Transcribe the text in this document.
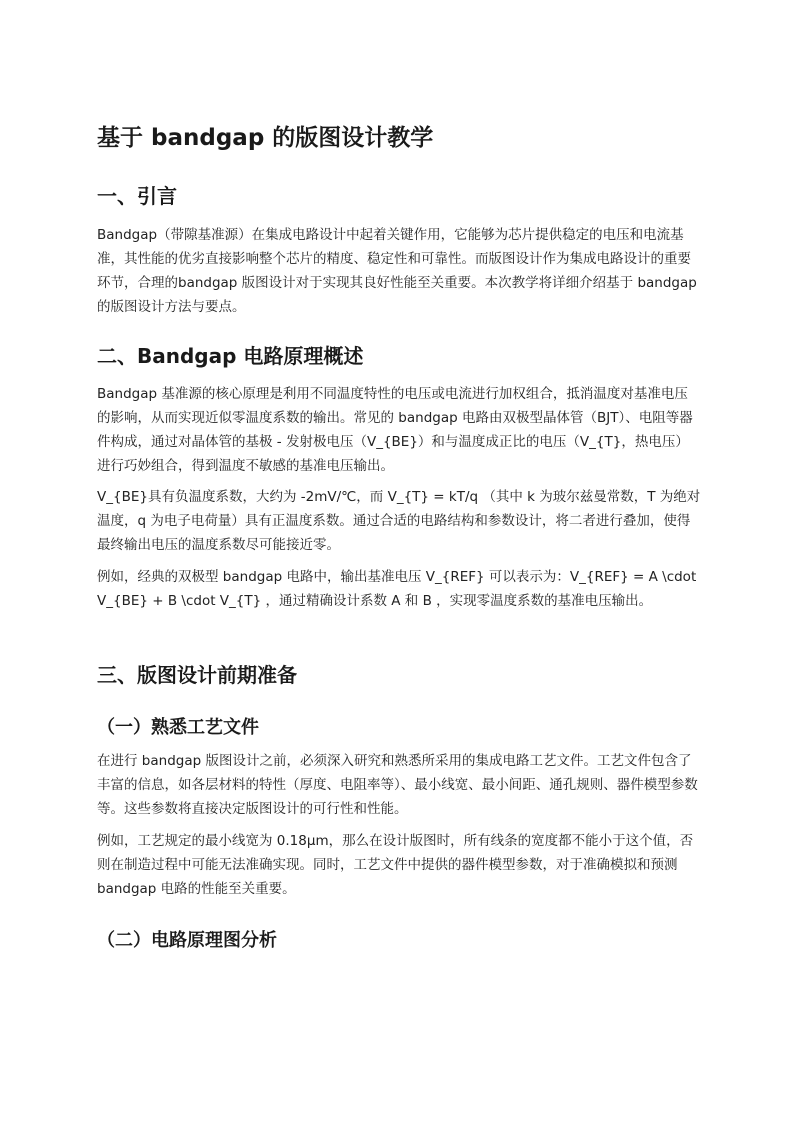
基于 bandgap 的版图设计教学
一、引言

Bandgap（带隙基准源）在集成电路设计中起着关键作用，它能够为芯片提供稳定的电压和电流基准，其性能的优劣直接影响整个芯片的精度、稳定性和可靠性。而版图设计作为集成电路设计的重要环节，合理的bandgap 版图设计对于实现其良好性能至关重要。本次教学将详细介绍基于 bandgap 的版图设计方法与要点。

二、Bandgap 电路原理概述

Bandgap 基准源的核心原理是利用不同温度特性的电压或电流进行加权组合，抵消温度对基准电压的影响，从而实现近似零温度系数的输出。常见的 bandgap 电路由双极型晶体管（BJT）、电阻等器件构成，通过对晶体管的基极 - 发射极电压（V_{BE}）和与温度成正比的电压（V_{T}，热电压）进行巧妙组合，得到温度不敏感的基准电压输出。

V_{BE}具有负温度系数，大约为 -2mV/℃，而 V_{T} = kT/q （其中 k 为玻尔兹曼常数，T 为绝对温度，q 为电子电荷量）具有正温度系数。通过合适的电路结构和参数设计，将二者进行叠加，使得最终输出电压的温度系数尽可能接近零。

例如，经典的双极型 bandgap 电路中，输出基准电压 V_{REF} 可以表示为：V_{REF} = A \cdot V_{BE} + B \cdot V_{T} ，通过精确设计系数 A 和 B ，实现零温度系数的基准电压输出。

三、版图设计前期准备
（一）熟悉工艺文件

在进行 bandgap 版图设计之前，必须深入研究和熟悉所采用的集成电路工艺文件。工艺文件包含了丰富的信息，如各层材料的特性（厚度、电阻率等）、最小线宽、最小间距、通孔规则、器件模型参数等。这些参数将直接决定版图设计的可行性和性能。

例如，工艺规定的最小线宽为 0.18μm，那么在设计版图时，所有线条的宽度都不能小于这个值，否则在制造过程中可能无法准确实现。同时，工艺文件中提供的器件模型参数，对于准确模拟和预测 bandgap 电路的性能至关重要。

（二）电路原理图分析
